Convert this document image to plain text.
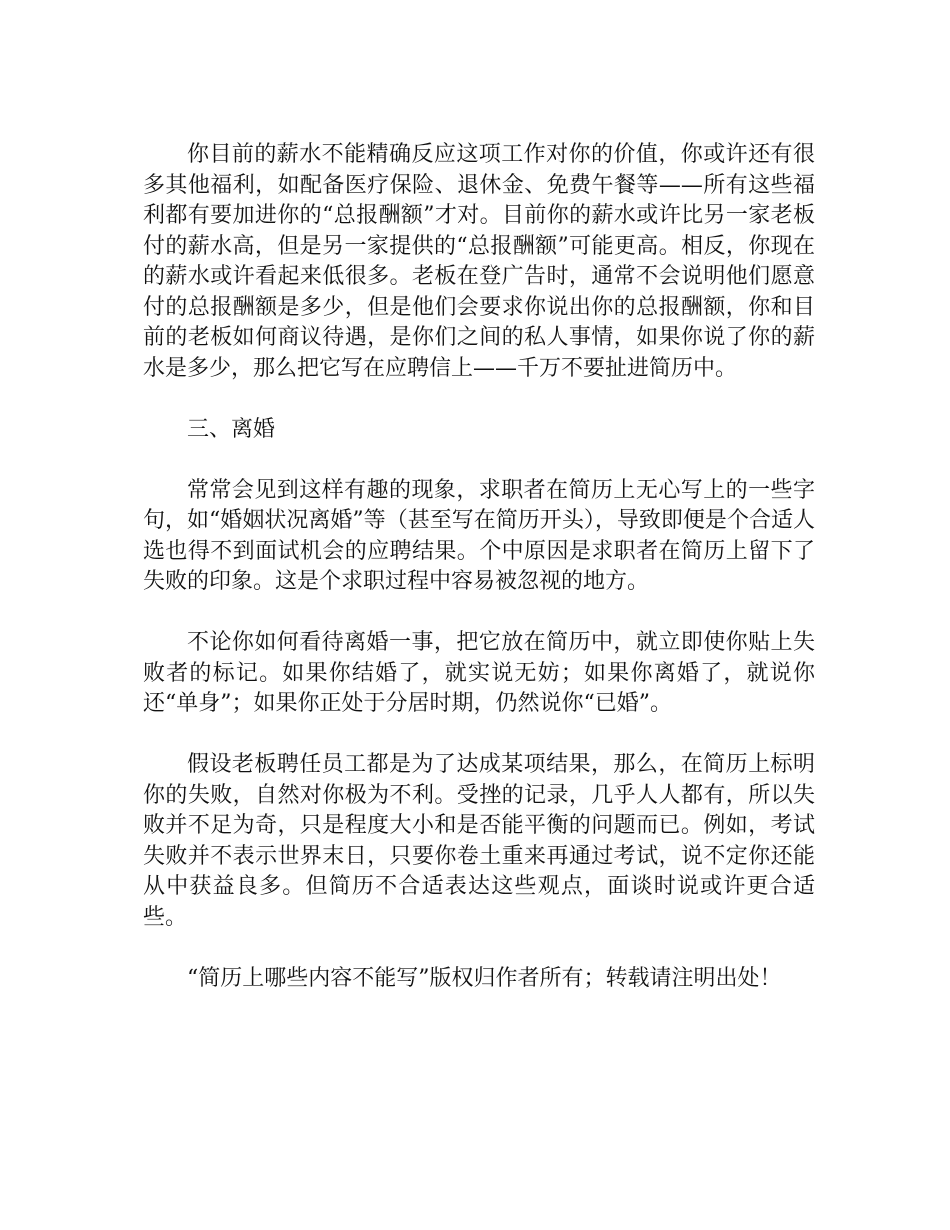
你目前的薪水不能精确反应这项工作对你的价值，你或许还有很多其他福利，如配备医疗保险、退休金、免费午餐等——所有这些福利都有要加进你的“总报酬额”才对。目前你的薪水或许比另一家老板付的薪水高，但是另一家提供的“总报酬额”可能更高。相反，你现在的薪水或许看起来低很多。老板在登广告时，通常不会说明他们愿意付的总报酬额是多少，但是他们会要求你说出你的总报酬额，你和目前的老板如何商议待遇，是你们之间的私人事情，如果你说了你的薪水是多少，那么把它写在应聘信上——千万不要扯进简历中。

三、离婚

常常会见到这样有趣的现象，求职者在简历上无心写上的一些字句，如“婚姻状况离婚”等（甚至写在简历开头），导致即便是个合适人选也得不到面试机会的应聘结果。个中原因是求职者在简历上留下了失败的印象。这是个求职过程中容易被忽视的地方。

不论你如何看待离婚一事，把它放在简历中，就立即使你贴上失败者的标记。如果你结婚了，就实说无妨；如果你离婚了，就说你还“单身”；如果你正处于分居时期，仍然说你“已婚”。

假设老板聘任员工都是为了达成某项结果，那么，在简历上标明你的失败，自然对你极为不利。受挫的记录，几乎人人都有，所以失败并不足为奇，只是程度大小和是否能平衡的问题而已。例如，考试失败并不表示世界末日，只要你卷土重来再通过考试，说不定你还能从中获益良多。但简历不合适表达这些观点，面谈时说或许更合适些。

“简历上哪些内容不能写”版权归作者所有；转载请注明出处！
